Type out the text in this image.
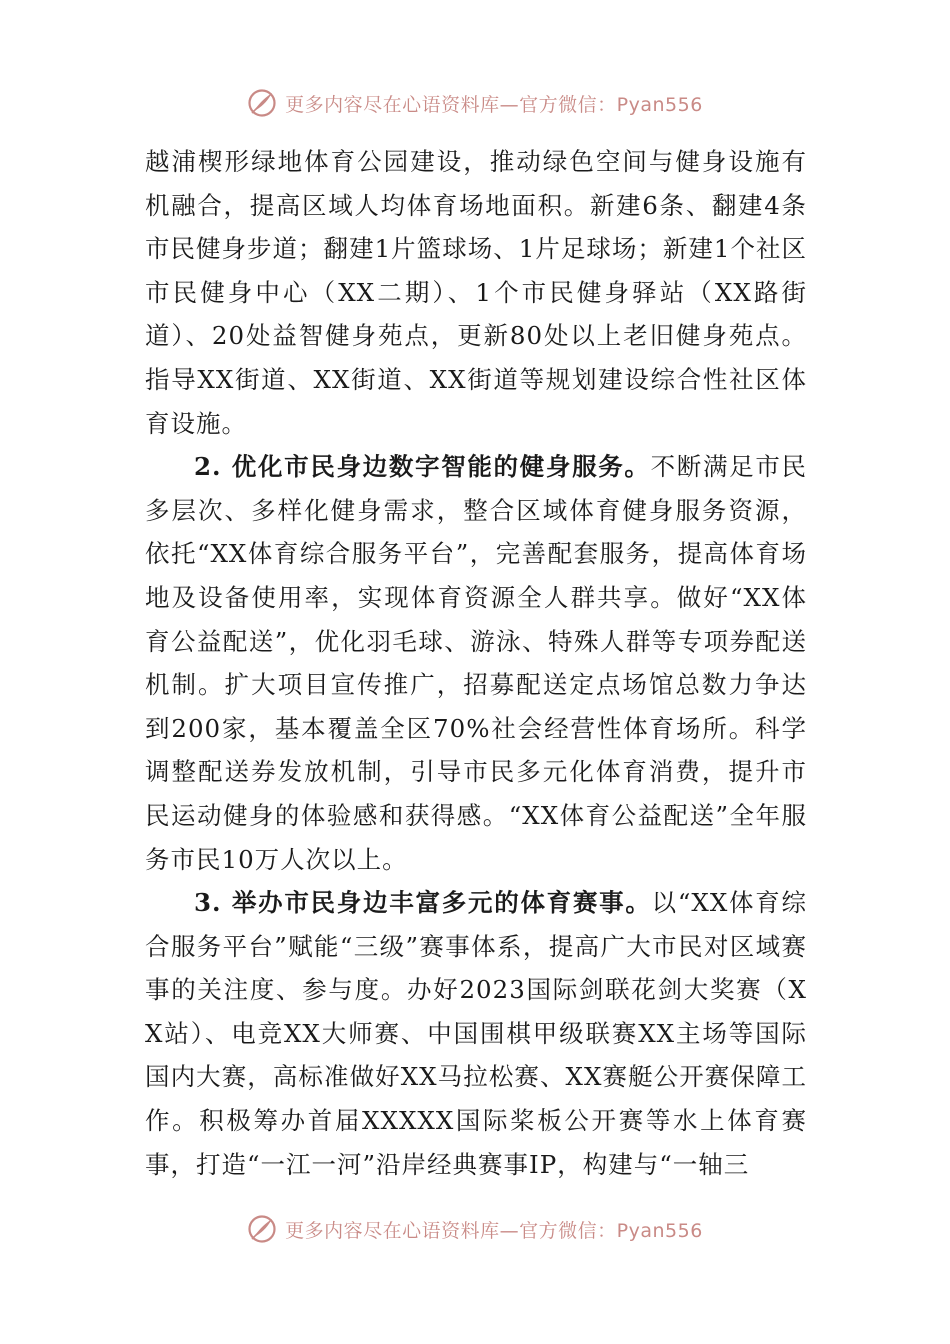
更多内容尽在心语资料库—官方微信：Pyan556

越浦楔形绿地体育公园建设，推动绿色空间与健身设施有机融合，提高区域人均体育场地面积。新建6条、翻建4条市民健身步道；翻建1片篮球场、1片足球场；新建1个社区市民健身中心（XX二期）、1个市民健身驿站（XX路街道）、20处益智健身苑点，更新80处以上老旧健身苑点。指导XX街道、XX街道、XX街道等规划建设综合性社区体育设施。

2. 优化市民身边数字智能的健身服务。不断满足市民多层次、多样化健身需求，整合区域体育健身服务资源，依托“XX体育综合服务平台”，完善配套服务，提高体育场地及设备使用率，实现体育资源全人群共享。做好“XX体育公益配送”，优化羽毛球、游泳、特殊人群等专项券配送机制。扩大项目宣传推广，招募配送定点场馆总数力争达到200家，基本覆盖全区70%社会经营性体育场所。科学调整配送券发放机制，引导市民多元化体育消费，提升市民运动健身的体验感和获得感。“XX体育公益配送”全年服务市民10万人次以上。

3. 举办市民身边丰富多元的体育赛事。以“XX体育综合服务平台”赋能“三级”赛事体系，提高广大市民对区域赛事的关注度、参与度。办好2023国际剑联花剑大奖赛（XX站）、电竞XX大师赛、中国围棋甲级联赛XX主场等国际国内大赛，高标准做好XX马拉松赛、XX赛艇公开赛保障工作。积极筹办首届XXXXX国际桨板公开赛等水上体育赛事，打造“一江一河”沿岸经典赛事IP，构建与“一轴三

更多内容尽在心语资料库—官方微信：Pyan556
